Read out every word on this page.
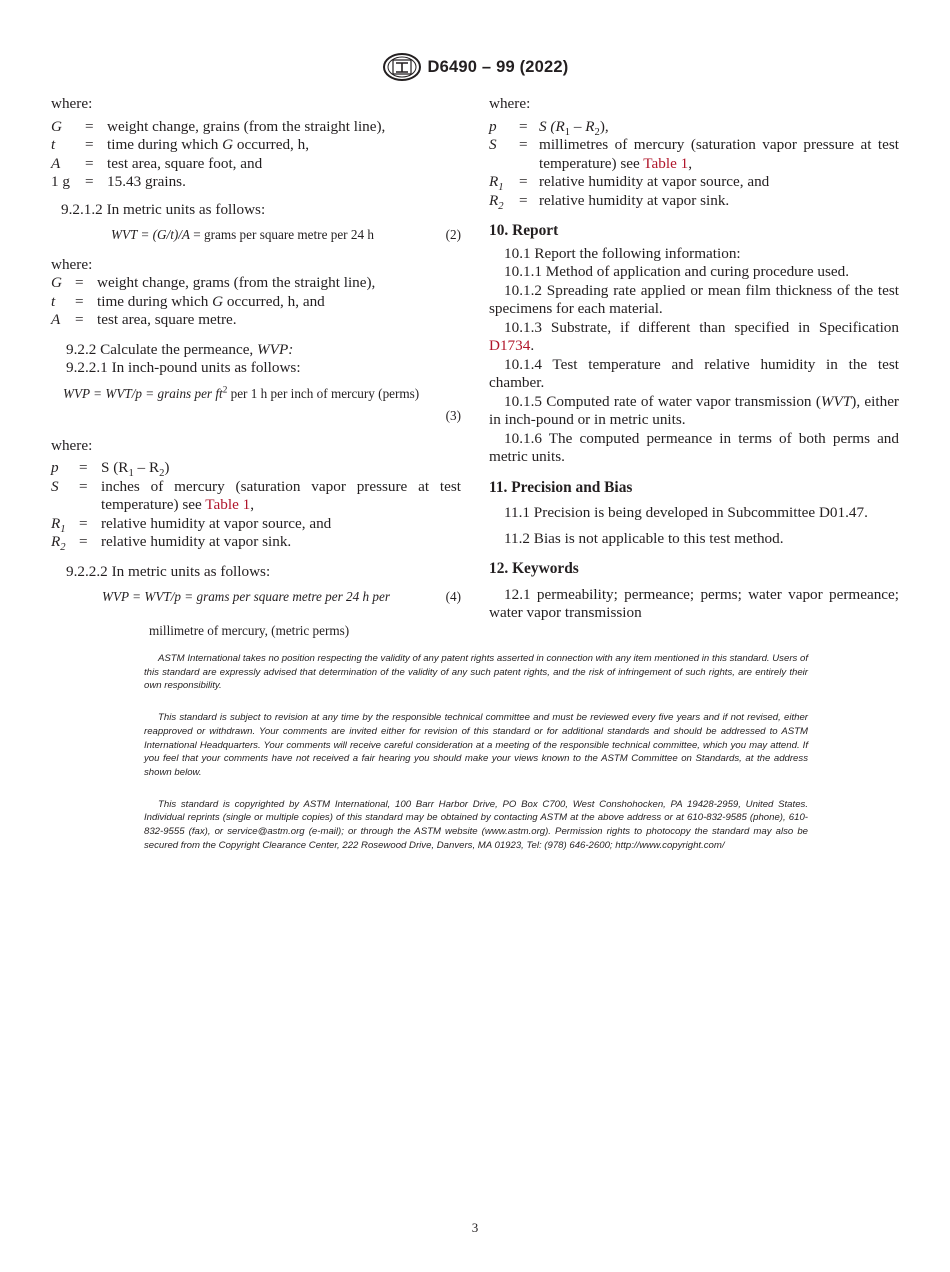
D6490 – 99 (2022)

where:

G	= weight change, grains (from the straight line),
t	= time during which G occurred, h,
A	= test area, square foot, and
1 g = 15.43 grains.

9.2.1.2 In metric units as follows:

WVT = (G/t)/A = grams per square metre per 24 h	(2)

where:

G = weight change, grams (from the straight line),
t	= time during which G occurred, h, and
A = test area, square metre.

9.2.2 Calculate the permeance, WVP:

9.2.2.1 In inch-pound units as follows:

WVP = WVT/p = grains per $ft^2$ per 1 h per inch of mercury (perms)
(3)

where:

p	= S $(R_1 - R_2)$
S	= inches of mercury (saturation vapor pressure at test temperature) see Table 1,
$R_1$ = relative humidity at vapor source, and
$R_2$ = relative humidity at vapor sink.

9.2.2.2 In metric units as follows:

WVP = WVT/p = grams per square metre per 24 h per	(4)
millimetre of mercury, (metric perms)

where:

p	= S $(R_1 - R_2)$,
S	= millimetres of mercury (saturation vapor pressure at test temperature) see Table 1,
$R_1$	= relative humidity at vapor source, and
$R_2$	= relative humidity at vapor sink.

10. Report

10.1 Report the following information:

10.1.1 Method of application and curing procedure used.

10.1.2 Spreading rate applied or mean film thickness of the test specimens for each material.

10.1.3 Substrate, if different than specified in Specification D1734.

10.1.4 Test temperature and relative humidity in the test chamber.

10.1.5 Computed rate of water vapor transmission (WVT), either in inch-pound or in metric units.

10.1.6 The computed permeance in terms of both perms and metric units.

11. Precision and Bias

11.1 Precision is being developed in Subcommittee D01.47.

11.2 Bias is not applicable to this test method.

12. Keywords

12.1 permeability; permeance; perms; water vapor permeance; water vapor transmission

ASTM International takes no position respecting the validity of any patent rights asserted in connection with any item mentioned in this standard. Users of this standard are expressly advised that determination of the validity of any such patent rights, and the risk of infringement of such rights, are entirely their own responsibility.

This standard is subject to revision at any time by the responsible technical committee and must be reviewed every five years and if not revised, either reapproved or withdrawn. Your comments are invited either for revision of this standard or for additional standards and should be addressed to ASTM International Headquarters. Your comments will receive careful consideration at a meeting of the responsible technical committee, which you may attend. If you feel that your comments have not received a fair hearing you should make your views known to the ASTM Committee on Standards, at the address shown below.

This standard is copyrighted by ASTM International, 100 Barr Harbor Drive, PO Box C700, West Conshohocken, PA 19428-2959, United States. Individual reprints (single or multiple copies) of this standard may be obtained by contacting ASTM at the above address or at 610-832-9585 (phone), 610-832-9555 (fax), or service@astm.org (e-mail); or through the ASTM website (www.astm.org). Permission rights to photocopy the standard may also be secured from the Copyright Clearance Center, 222 Rosewood Drive, Danvers, MA 01923, Tel: (978) 646-2600; http://www.copyright.com/

3
